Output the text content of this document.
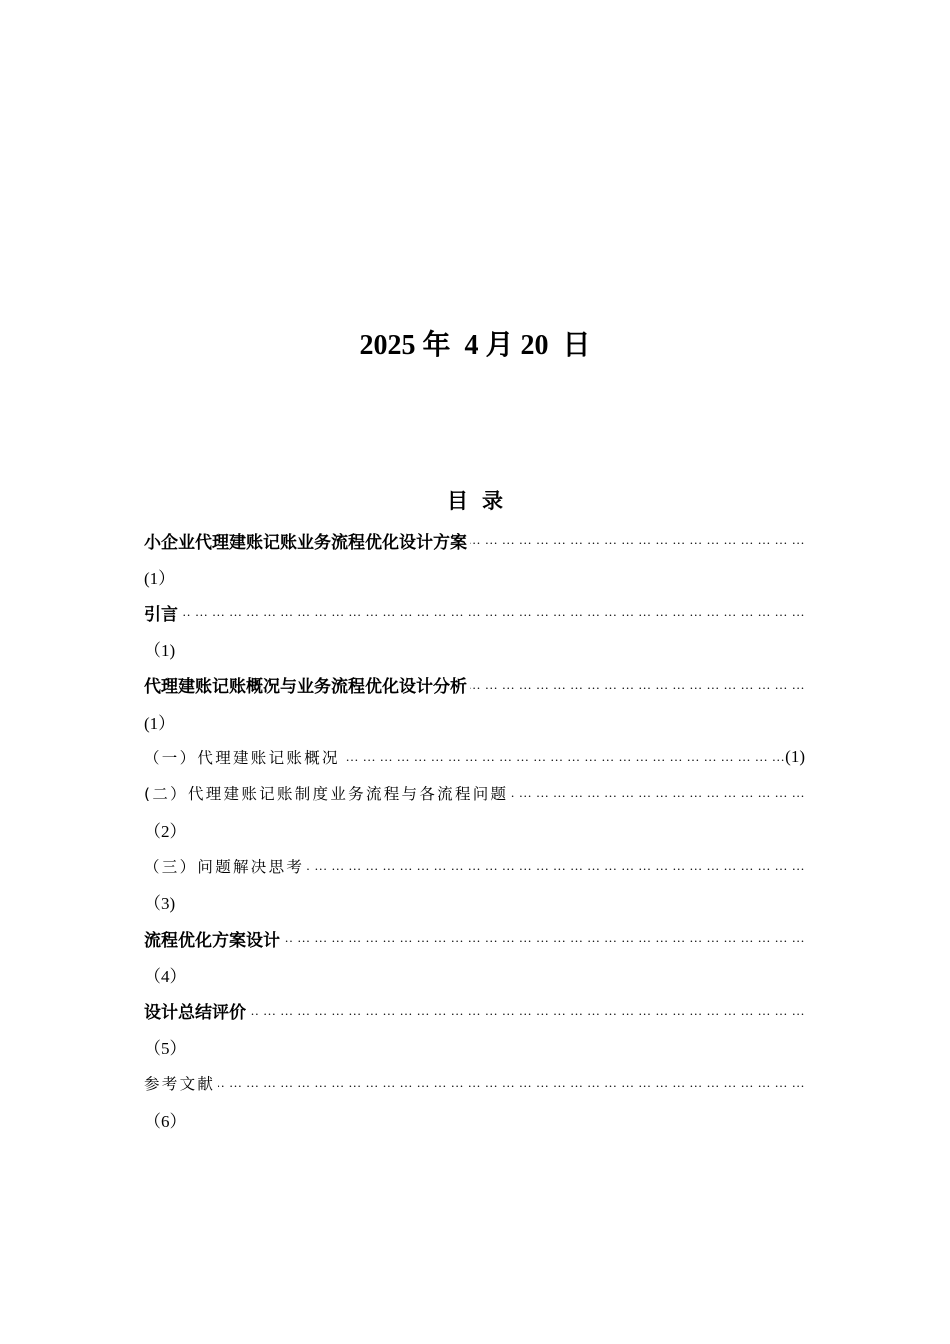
2025 年  4 月 20  日
目录
小企业代理建账记账业务流程优化设计方案
… … … … … … … … … … … … … … … … … … … … … … … … … … … … … … … … … … … … … … … … … … … … … … … … … … … …
(1）
引言
… … … … … … … … … … … … … … … … … … … … … … … … … … … … … … … … … … … … … … … … … … … … … … … … … … … …
（1)
代理建账记账概况与业务流程优化设计分析
… … … … … … … … … … … … … … … … … … … … … … … … … … … … … … … … … … … … … … … … … … … … … … … … … … … …
(1）
（一）代理建账记账概况
… … … … … … … … … … … … … … … … … … … … … … … … … … … … … … … … … … … … … … … … … … … … … … … … … … … …	(1)
(二）代理建账记账制度业务流程与各流程问题
… … … … … … … … … … … … … … … … … … … … … … … … … … … … … … … … … … … … … … … … … … … … … … … … … … … …
（2）
（三）问题解决思考
… … … … … … … … … … … … … … … … … … … … … … … … … … … … … … … … … … … … … … … … … … … … … … … … … … … …
（3)
流程优化方案设计
… … … … … … … … … … … … … … … … … … … … … … … … … … … … … … … … … … … … … … … … … … … … … … … … … … … …
（4）
设计总结评价
… … … … … … … … … … … … … … … … … … … … … … … … … … … … … … … … … … … … … … … … … … … … … … … … … … … …
（5）
参考文献
… … … … … … … … … … … … … … … … … … … … … … … … … … … … … … … … … … … … … … … … … … … … … … … … … … … …
（6）
